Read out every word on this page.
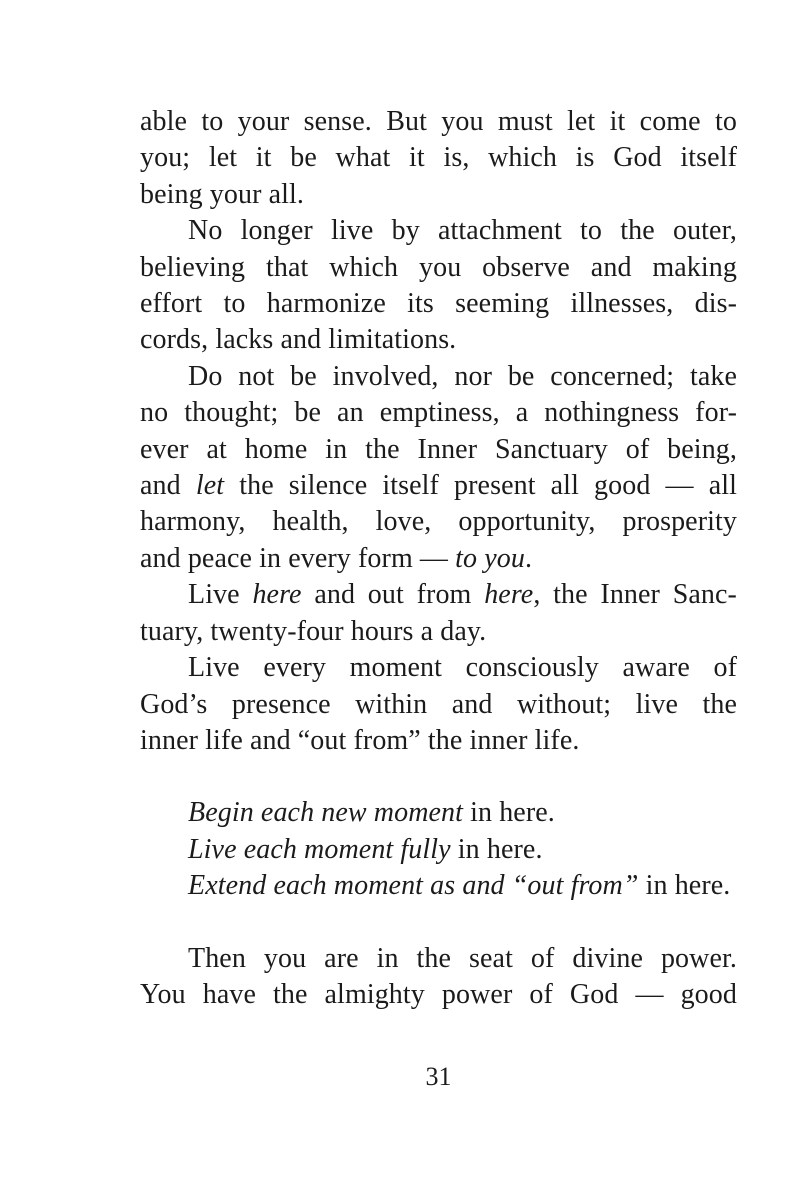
able to your sense. But you must let it come to
you; let it be what it is, which is God itself
being your all.
No longer live by attachment to the outer,
believing that which you observe and making
effort to harmonize its seeming illnesses, dis-
cords, lacks and limitations.
Do not be involved, nor be concerned; take
no thought; be an emptiness, a nothingness for-
ever at home in the Inner Sanctuary of being,
and let the silence itself present all good — all
harmony, health, love, opportunity, prosperity
and peace in every form — to you.
Live here and out from here, the Inner Sanc-
tuary, twenty-four hours a day.
Live every moment consciously aware of
God’s presence within and without; live the
inner life and “out from” the inner life.
Begin each new moment in here.
Live each moment fully in here.
Extend each moment as and “out from” in here.
Then you are in the seat of divine power.
You have the almighty power of God — good
31
